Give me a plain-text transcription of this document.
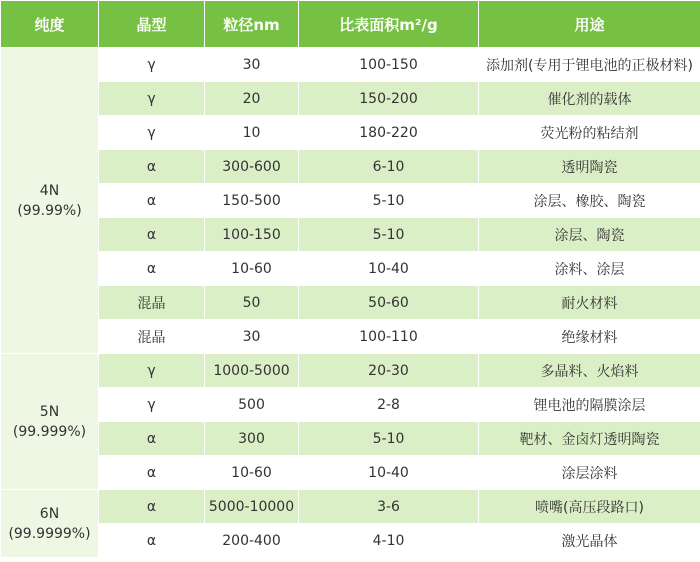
纯度	晶型	粒径nm	比表面积m²/g	用途

4N
(99.99%)	γ	30	100-150	添加剂(专用于锂电池的正极材料)
	γ	20	150-200	催化剂的载体
	γ	10	180-220	荧光粉的粘结剂
	α	300-600	6-10	透明陶瓷
	α	150-500	5-10	涂层、橡胶、陶瓷
	α	100-150	5-10	涂层、陶瓷
	α	10-60	10-40	涂料、涂层
	混晶	50	50-60	耐火材料
	混晶	30	100-110	绝缘材料

5N
(99.999%)	γ	1000-5000	20-30	多晶料、火焰料
	γ	500	2-8	锂电池的隔膜涂层
	α	300	5-10	靶材、金卤灯透明陶瓷
	α	10-60	10-40	涂层涂料

6N
(99.9999%)	α	5000-10000	3-6	喷嘴(高压段路口)
	α	200-400	4-10	激光晶体
